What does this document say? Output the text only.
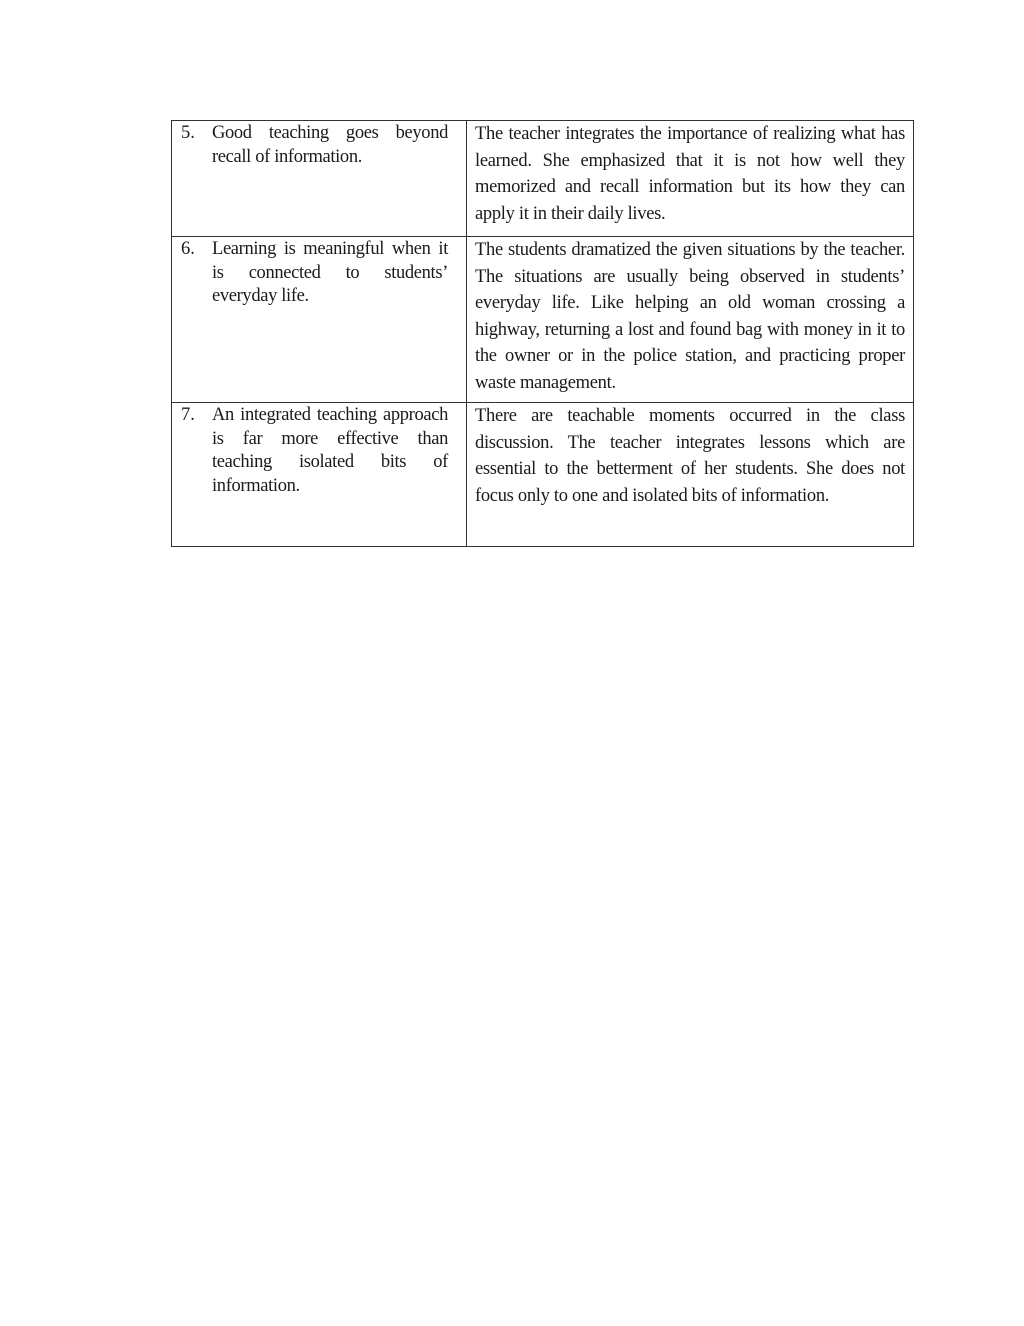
5. Good teaching goes beyond recall of information.	The teacher integrates the importance of realizing what has learned. She emphasized that it is not how well they memorized and recall information but its how they can apply it in their daily lives.

6. Learning is meaningful when it is connected to students’ everyday life.	The students dramatized the given situations by the teacher. The situations are usually being observed in students’ everyday life. Like helping an old woman crossing a highway, returning a lost and found bag with money in it to the owner or in the police station, and practicing proper waste management.

7. An integrated teaching approach is far more effective than teaching isolated bits of information.	There are teachable moments occurred in the class discussion. The teacher integrates lessons which are essential to the betterment of her students. She does not focus only to one and isolated bits of information.
